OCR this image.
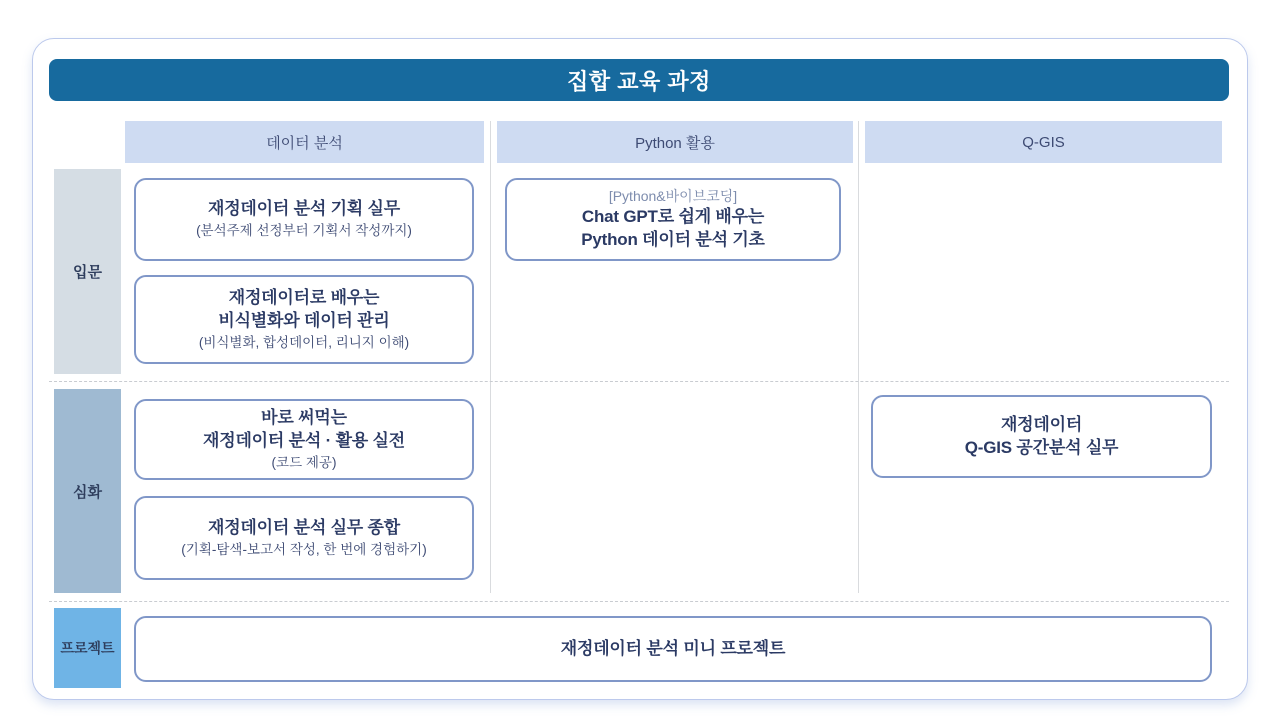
집합 교육 과정
데이터 분석	Python 활용	Q-GIS
입문
심화
프로젝트
재정데이터 분석 기획 실무
(분석주제 선정부터 기획서 작성까지)
재정데이터로 배우는
비식별화와 데이터 관리
(비식별화, 합성데이터, 리니지 이해)
[Python&바이브코딩]
Chat GPT로 쉽게 배우는
Python 데이터 분석 기초
바로 써먹는
재정데이터 분석 · 활용 실전
(코드 제공)
재정데이터 분석 실무 종합
(기획-탐색-보고서 작성, 한 번에 경험하기)
재정데이터
Q-GIS 공간분석 실무
재정데이터 분석 미니 프로젝트
